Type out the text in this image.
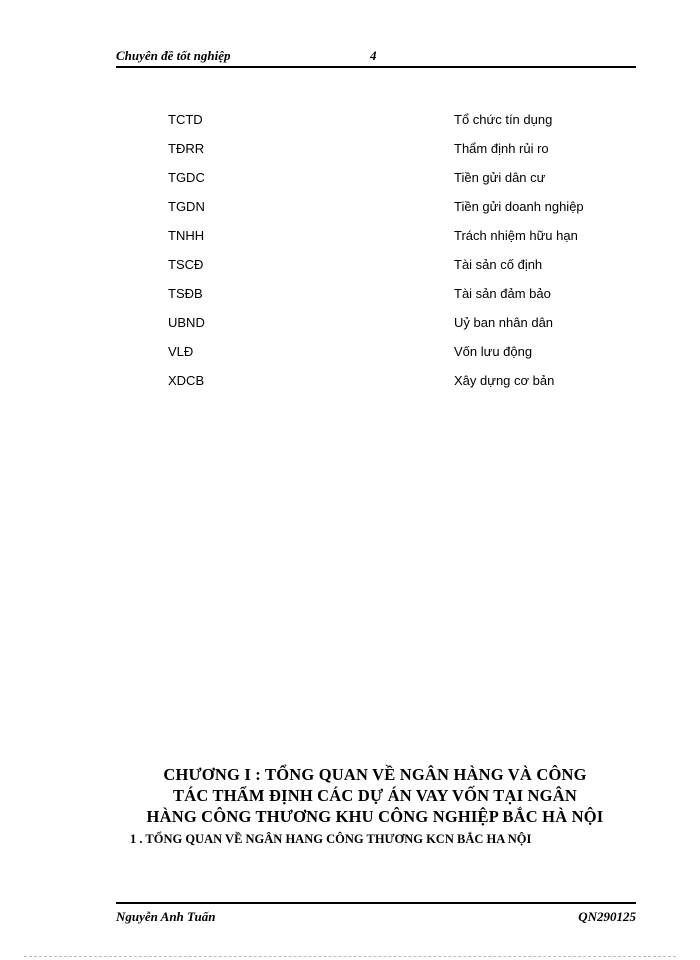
Chuyên đề tốt nghiệp	4
TCTD	Tổ chức tín dụng
TĐRR	Thẩm định rủi ro
TGDC	Tiền gửi dân cư
TGDN	Tiền gửi doanh nghiệp
TNHH	Trách nhiệm hữu hạn
TSCĐ	Tài sản cố định
TSĐB	Tài sản đảm bảo
UBND	Uỷ ban nhân dân
VLĐ	Vốn lưu động
XDCB	Xây dựng cơ bản
CHƯƠNG I : TỔNG QUAN VỀ NGÂN HÀNG VÀ CÔNG
TÁC THẨM ĐỊNH CÁC DỰ ÁN VAY VỐN TẠI NGÂN
HÀNG CÔNG THƯƠNG KHU CÔNG NGHIỆP BẮC HÀ NỘI
1 . TỔNG QUAN VỀ NGÂN HANG CÔNG THƯƠNG KCN BẮC HA NỘI
Nguyễn Anh Tuấn	QN290125
